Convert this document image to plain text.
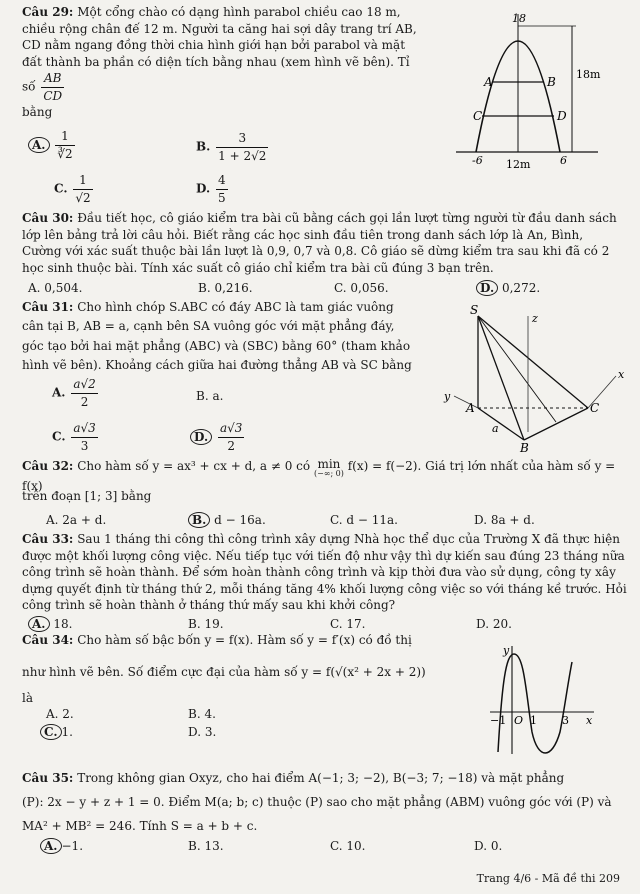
Câu 29: Một cổng chào có dạng hình parabol chiều cao 18 m, chiều rộng chân đế 12 m. Người ta căng hai sợi dây trang trí AB, CD nằm ngang đồng thời chia hình giới hạn bởi parabol và mặt đất thành ba phần có diện tích bằng nhau (xem hình vẽ bên). Tỉ số $\frac{AB}{CD}$
bằng
A. $\frac{1}{∛2}$	B. $\frac{3}{1 + 2√2}$
C. $\frac{1}{√2}$	D. $\frac{4}{5}$
A	B
C	D
18m
12m
18
-6	6
Câu 30: Đầu tiết học, cô giáo kiểm tra bài cũ bằng cách gọi lần lượt từng người từ đầu danh sách lớp lên bảng trả lời câu hỏi. Biết rằng các học sinh đầu tiên trong danh sách lớp là An, Bình, Cường với xác suất thuộc bài lần lượt là 0,9, 0,7 và 0,8. Cô giáo sẽ dừng kiểm tra sau khi đã có 2 học sinh thuộc bài. Tính xác suất cô giáo chỉ kiểm tra bài cũ đúng 3 bạn trên.
A. 0,504.	B. 0,216.	C. 0,056.	D. 0,272.
Câu 31: Cho hình chóp S.ABC có đáy ABC là tam giác vuông cân tại B, AB = a, cạnh bên SA vuông góc với mặt phẳng đáy, góc tạo bởi hai mặt phẳng (ABC) và (SBC) bằng 60° (tham khảo hình vẽ bên). Khoảng cách giữa hai đường thẳng AB và SC bằng
A. $\frac{a√2}{2}$	B. a.
C. $\frac{a√3}{3}$	D. $\frac{a√3}{2}$
S
A
B
C
z
x
y
a
Câu 32: Cho hàm số y = ax³ + cx + d, a ≠ 0 có min
(−∞; 0)
f(x) = f(−2). Giá trị lớn nhất của hàm số y = f(x)
trên đoạn [1; 3] bằng
A. 2a + d.	B. d − 16a.	C. d − 11a.	D. 8a + d.
Câu 33: Sau 1 tháng thi công thì công trình xây dựng Nhà học thể dục của Trường X đã thực hiện được một khối lượng công việc. Nếu tiếp tục với tiến độ như vậy thì dự kiến sau đúng 23 tháng nữa công trình sẽ hoàn thành. Để sớm hoàn thành công trình và kịp thời đưa vào sử dụng, công ty xây dựng quyết định từ tháng thứ 2, mỗi tháng tăng 4% khối lượng công việc so với tháng kề trước. Hỏi công trình sẽ hoàn thành ở tháng thứ mấy sau khi khởi công?
A. 18.	B. 19.	C. 17.	D. 20.
Câu 34: Cho hàm số bậc bốn y = f(x). Hàm số y = f′(x) có đồ thị
như hình vẽ bên. Số điểm cực đại của hàm số y = f(√(x² + 2x + 2))
là
A. 2.	B. 4.
C. 1.	D. 3.
y
x
−1 O 1 3
Câu 35: Trong không gian Oxyz, cho hai điểm A(−1; 3; −2), B(−3; 7; −18) và mặt phẳng
(P): 2x − y + z + 1 = 0. Điểm M(a; b; c) thuộc (P) sao cho mặt phẳng (ABM) vuông góc với (P) và
MA² + MB² = 246. Tính S = a + b + c.
A. −1.	B. 13.	C. 10.	D. 0.
Trang 4/6 - Mã đề thi 209
